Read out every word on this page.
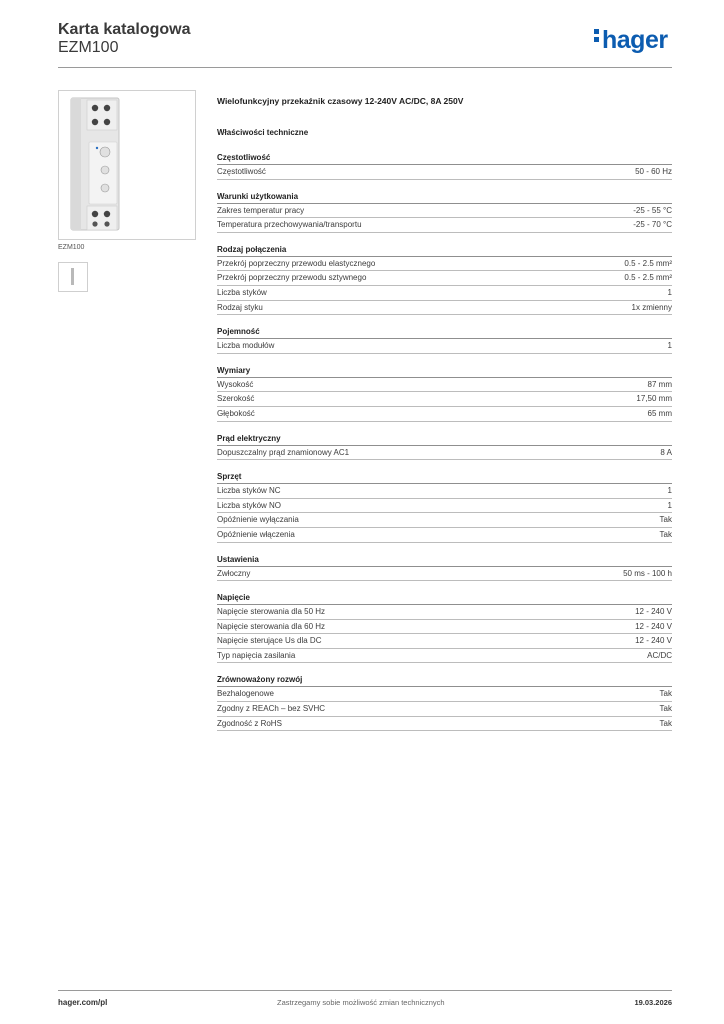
Karta katalogowa
EZM100	hager
EZM100
Wielofunkcyjny przekaźnik czasowy 12-240V AC/DC, 8A 250V
Właściwości techniczne
Częstotliwość
Częstotliwość	50 - 60 Hz
Warunki użytkowania
Zakres temperatur pracy	-25 - 55 °C
Temperatura przechowywania/transportu	-25 - 70 °C
Rodzaj połączenia
Przekrój poprzeczny przewodu elastycznego	0.5 - 2.5 mm²
Przekrój poprzeczny przewodu sztywnego	0.5 - 2.5 mm²
Liczba styków	1
Rodzaj styku	1x zmienny
Pojemność
Liczba modułów	1
Wymiary
Wysokość	87 mm
Szerokość	17,50 mm
Głębokość	65 mm
Prąd elektryczny
Dopuszczalny prąd znamionowy AC1	8 A
Sprzęt
Liczba styków NC	1
Liczba styków NO	1
Opóźnienie wyłączania	Tak
Opóźnienie włączenia	Tak
Ustawienia
Zwłoczny	50 ms - 100 h
Napięcie
Napięcie sterowania dla 50 Hz	12 - 240 V
Napięcie sterowania dla 60 Hz	12 - 240 V
Napięcie sterujące Us dla DC	12 - 240 V
Typ napięcia zasilania	AC/DC
Zrównoważony rozwój
Bezhalogenowe	Tak
Zgodny z REACh – bez SVHC	Tak
Zgodność z RoHS	Tak
hager.com/pl	Zastrzegamy sobie możliwość zmian technicznych	19.03.2026
